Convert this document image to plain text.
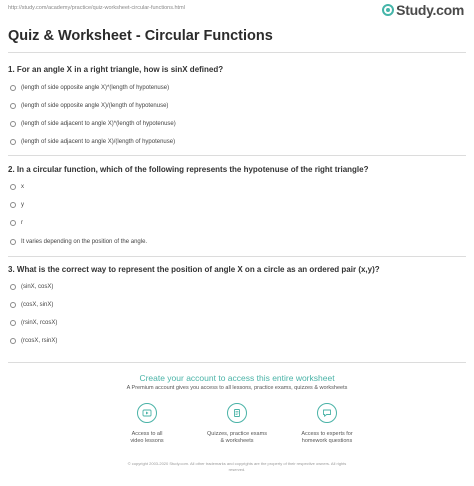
http://study.com/academy/practice/quiz-worksheet-circular-functions.html	Study.com
Quiz & Worksheet - Circular Functions
1. For an angle X in a right triangle, how is sinX defined?
(length of side opposite angle X)*(length of hypotenuse)
(length of side opposite angle X)/(length of hypotenuse)
(length of side adjacent to angle X)*(length of hypotenuse)
(length of side adjacent to angle X)/(length of hypotenuse)
2. In a circular function, which of the following represents the hypotenuse of the right triangle?
x
y
r
It varies depending on the position of the angle.
3. What is the correct way to represent the position of angle X on a circle as an ordered pair (x,y)?
(sinX, cosX)
(cosX, sinX)
(rsinX, rcosX)
(rcosX, rsinX)
Create your account to access this entire worksheet
A Premium account gives you access to all lessons, practice exams, quizzes & worksheets
Access to all
video lessons
Quizzes, practice exams
& worksheets
Access to experts for
homework questions
© copyright 2003-2020 Study.com. All other trademarks and copyrights are the property of their respective owners. All rights
reserved.
